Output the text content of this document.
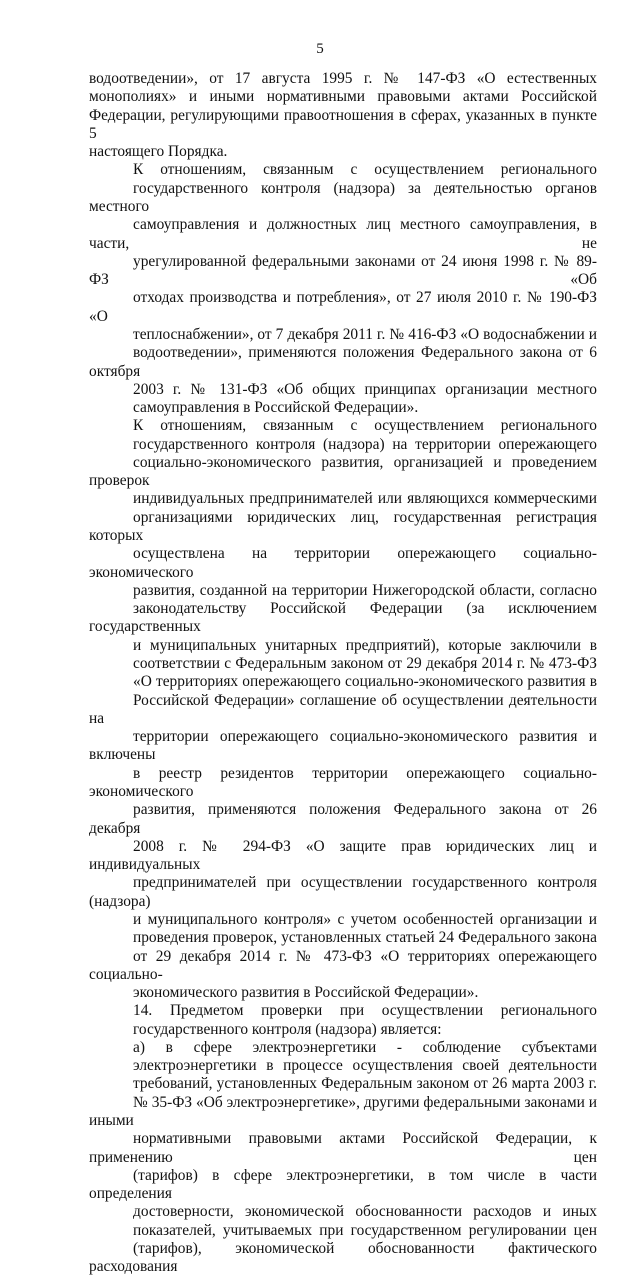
5

водоотведении», от 17 августа 1995 г. № 147-ФЗ «О естественных
монополиях» и иными нормативными правовыми актами Российской
Федерации, регулирующими правоотношения в сферах, указанных в пункте 5
настоящего Порядка.

К отношениям, связанным с осуществлением регионального
государственного контроля (надзора) за деятельностью органов местного
самоуправления и должностных лиц местного самоуправления, в части, не
урегулированной федеральными законами от 24 июня 1998 г. № 89-ФЗ «Об
отходах производства и потребления», от 27 июля 2010 г. № 190-ФЗ «О
теплоснабжении», от 7 декабря 2011 г. № 416-ФЗ «О водоснабжении и
водоотведении», применяются положения Федерального закона от 6 октября
2003 г. № 131-ФЗ «Об общих принципах организации местного
самоуправления в Российской Федерации».

К отношениям, связанным с осуществлением регионального
государственного контроля (надзора) на территории опережающего
социально-экономического развития, организацией и проведением проверок
индивидуальных предпринимателей или являющихся коммерческими
организациями юридических лиц, государственная регистрация которых
осуществлена на территории опережающего социально-экономического
развития, созданной на территории Нижегородской области, согласно
законодательству Российской Федерации (за исключением государственных
и муниципальных унитарных предприятий), которые заключили в
соответствии с Федеральным законом от 29 декабря 2014 г. № 473-ФЗ
«О территориях опережающего социально-экономического развития в
Российской Федерации» соглашение об осуществлении деятельности на
территории опережающего социально-экономического развития и включены
в реестр резидентов территории опережающего социально-экономического
развития, применяются положения Федерального закона от 26 декабря
2008 г. № 294-ФЗ «О защите прав юридических лиц и индивидуальных
предпринимателей при осуществлении государственного контроля (надзора)
и муниципального контроля» с учетом особенностей организации и
проведения проверок, установленных статьей 24 Федерального закона
от 29 декабря 2014 г. № 473-ФЗ «О территориях опережающего социально-
экономического развития в Российской Федерации».

14. Предметом проверки при осуществлении регионального
государственного контроля (надзора) является:

а) в сфере электроэнергетики - соблюдение субъектами
электроэнергетики в процессе осуществления своей деятельности
требований, установленных Федеральным законом от 26 марта 2003 г.
№ 35-ФЗ «Об электроэнергетике», другими федеральными законами и иными
нормативными правовыми актами Российской Федерации, к применению цен
(тарифов) в сфере электроэнергетики, в том числе в части определения
достоверности, экономической обоснованности расходов и иных
показателей, учитываемых при государственном регулировании цен
(тарифов), экономической обоснованности фактического расходования
